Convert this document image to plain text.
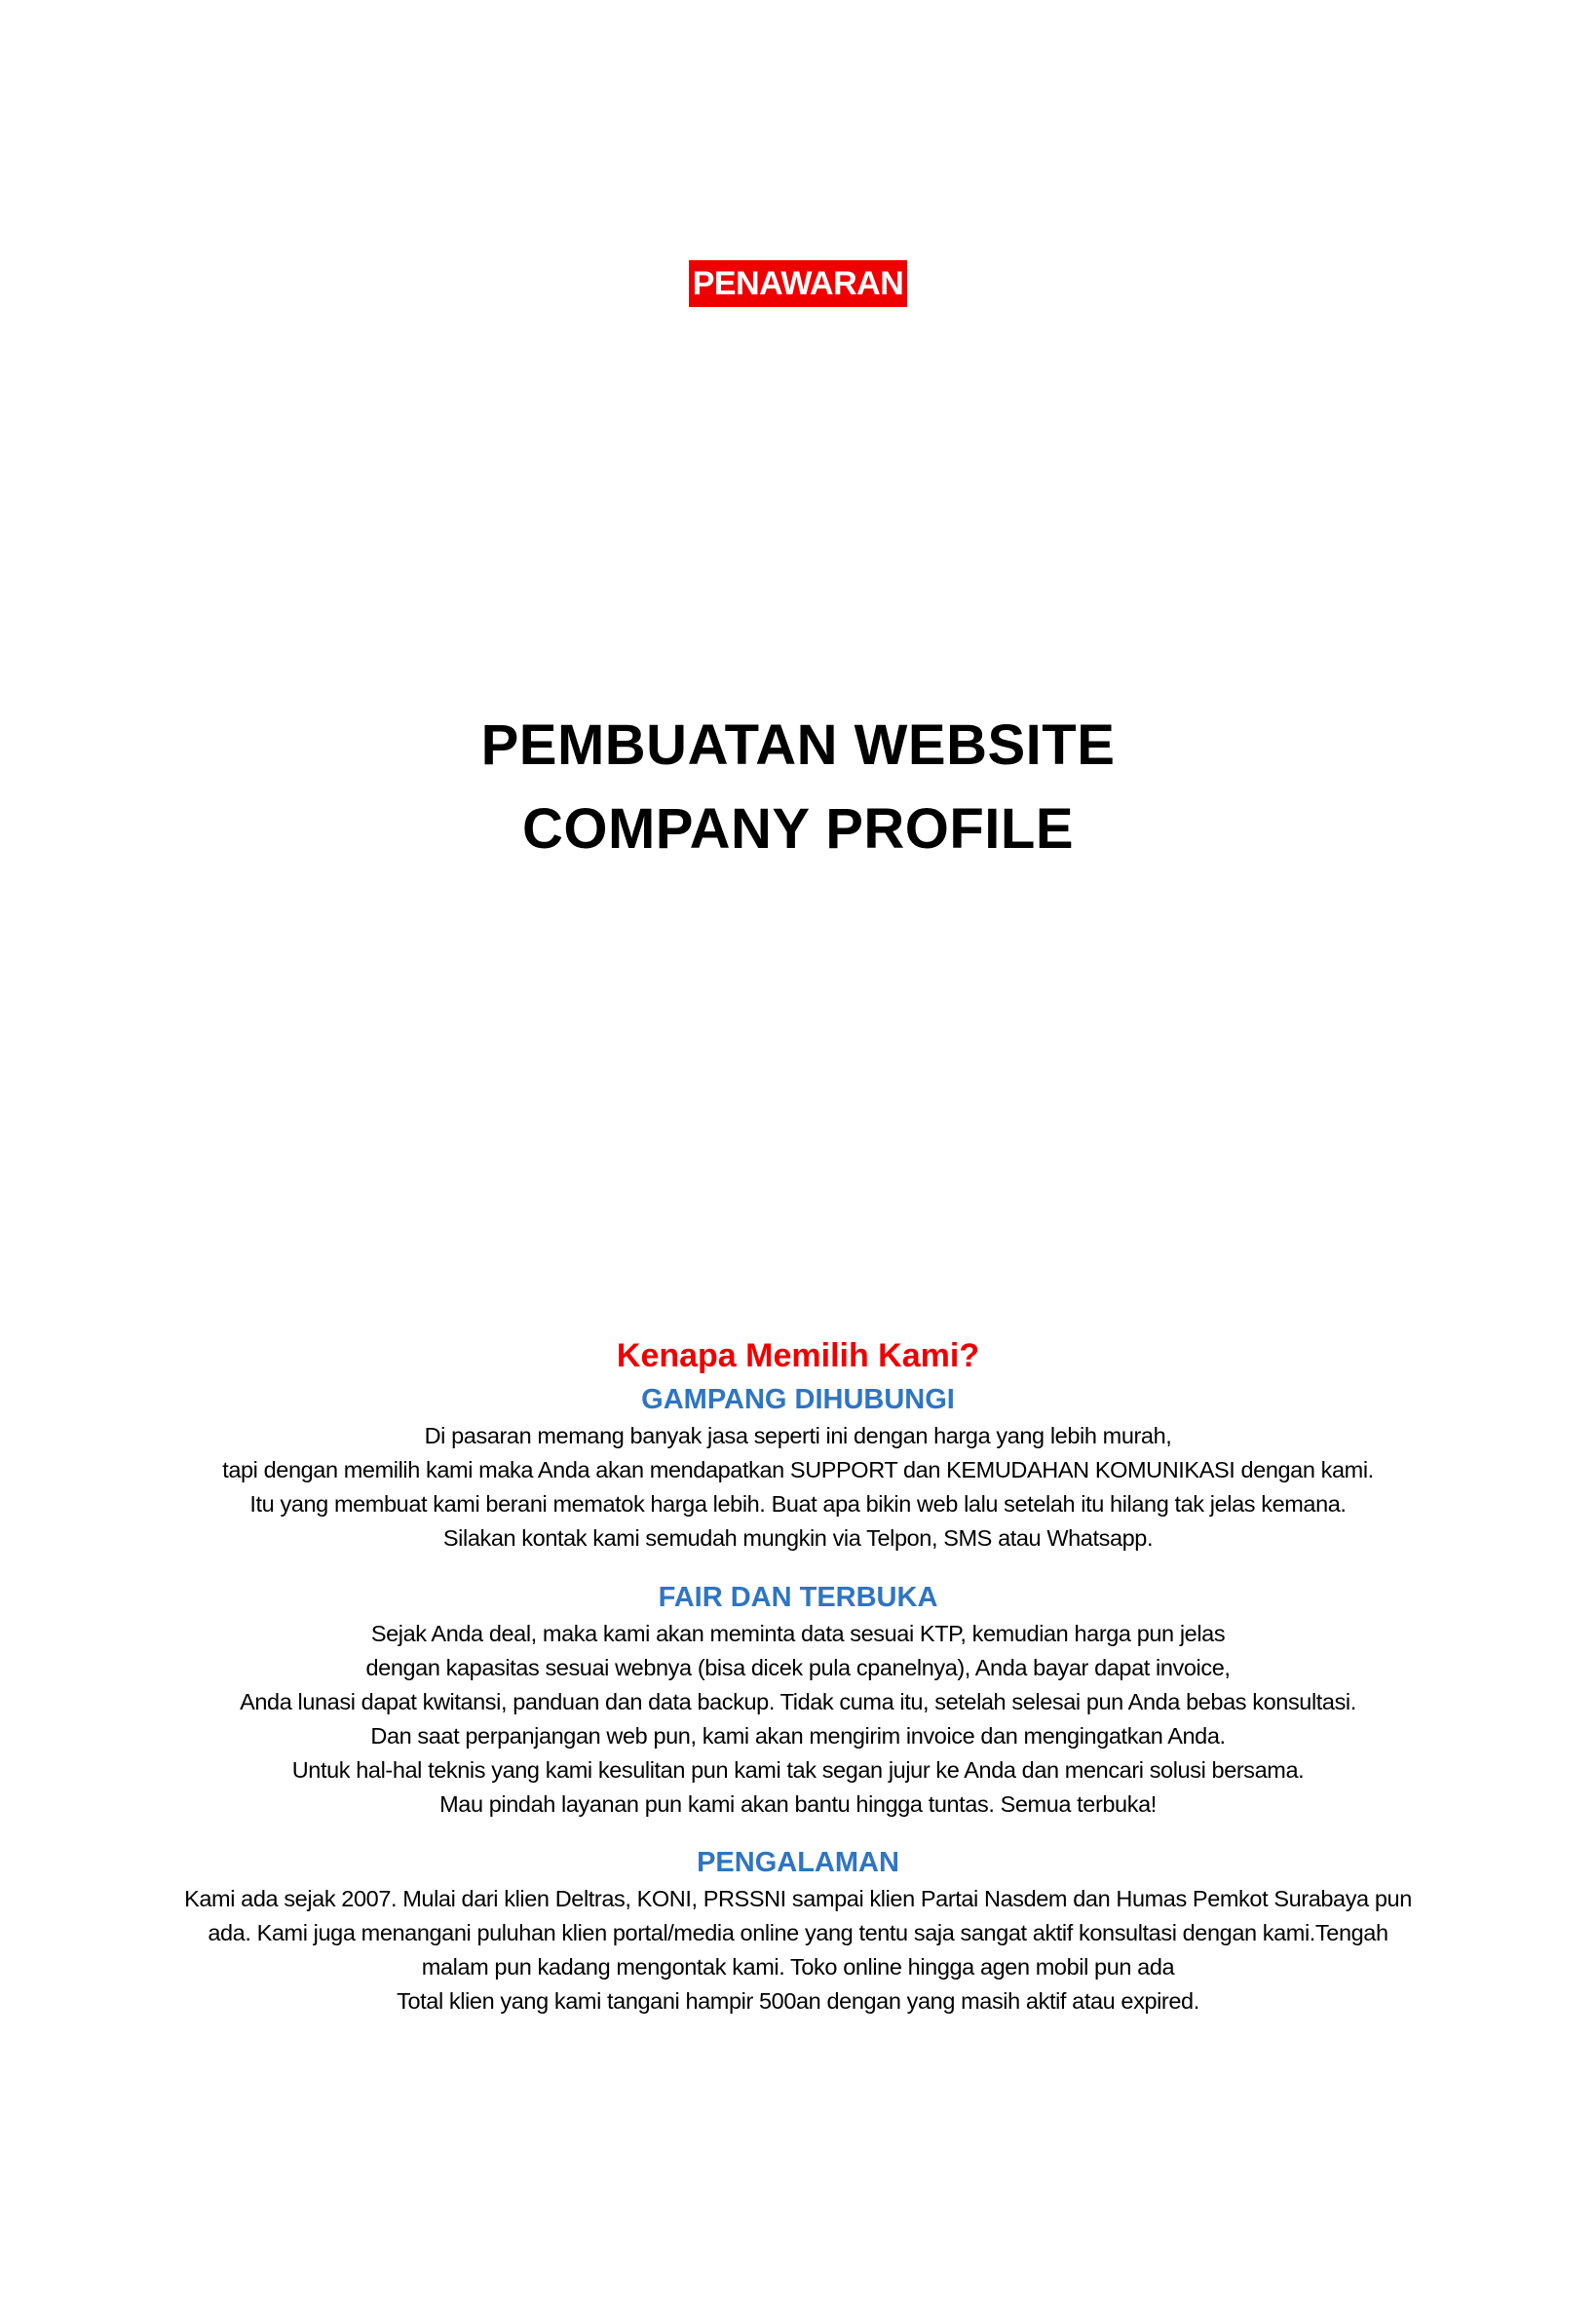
PENAWARAN
PEMBUATAN WEBSITE
COMPANY PROFILE

Kenapa Memilih Kami?

GAMPANG DIHUBUNGI

Di pasaran memang banyak jasa seperti ini dengan harga yang lebih murah,
tapi dengan memilih kami maka Anda akan mendapatkan SUPPORT dan KEMUDAHAN KOMUNIKASI dengan kami.
Itu yang membuat kami berani mematok harga lebih. Buat apa bikin web lalu setelah itu hilang tak jelas kemana.
Silakan kontak kami semudah mungkin via Telpon, SMS atau Whatsapp.

FAIR DAN TERBUKA

Sejak Anda deal, maka kami akan meminta data sesuai KTP, kemudian harga pun jelas
dengan kapasitas sesuai webnya (bisa dicek pula cpanelnya), Anda bayar dapat invoice,
Anda lunasi dapat kwitansi, panduan dan data backup. Tidak cuma itu, setelah selesai pun Anda bebas konsultasi.
Dan saat perpanjangan web pun, kami akan mengirim invoice dan mengingatkan Anda.
Untuk hal-hal teknis yang kami kesulitan pun kami tak segan jujur ke Anda dan mencari solusi bersama.
Mau pindah layanan pun kami akan bantu hingga tuntas. Semua terbuka!

PENGALAMAN

Kami ada sejak 2007. Mulai dari klien Deltras, KONI, PRSSNI sampai klien Partai Nasdem dan Humas Pemkot Surabaya pun
ada. Kami juga menangani puluhan klien portal/media online yang tentu saja sangat aktif konsultasi dengan kami.Tengah
malam pun kadang mengontak kami. Toko online hingga agen mobil pun ada
Total klien yang kami tangani hampir 500an dengan yang masih aktif atau expired.
